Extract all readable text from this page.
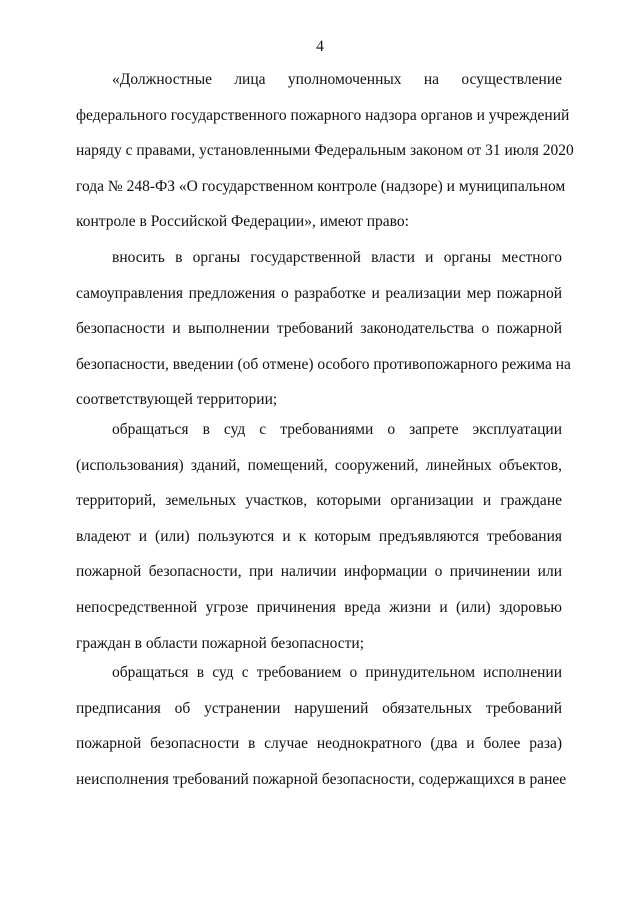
4
«Должностные лица уполномоченных на осуществление
федерального государственного пожарного надзора органов и учреждений
наряду с правами, установленными Федеральным законом от 31 июля 2020
года № 248-ФЗ «О государственном контроле (надзоре) и муниципальном
контроле в Российской Федерации», имеют право:
вносить в органы государственной власти и органы местного
самоуправления предложения о разработке и реализации мер пожарной
безопасности и выполнении требований законодательства о пожарной
безопасности, введении (об отмене) особого противопожарного режима на
соответствующей территории;
обращаться в суд с требованиями о запрете эксплуатации
(использования) зданий, помещений, сооружений, линейных объектов,
территорий, земельных участков, которыми организации и граждане
владеют и (или) пользуются и к которым предъявляются требования
пожарной безопасности, при наличии информации о причинении или
непосредственной угрозе причинения вреда жизни и (или) здоровью
граждан в области пожарной безопасности;
обращаться в суд с требованием о принудительном исполнении
предписания об устранении нарушений обязательных требований
пожарной безопасности в случае неоднократного (два и более раза)
неисполнения требований пожарной безопасности, содержащихся в ранее
